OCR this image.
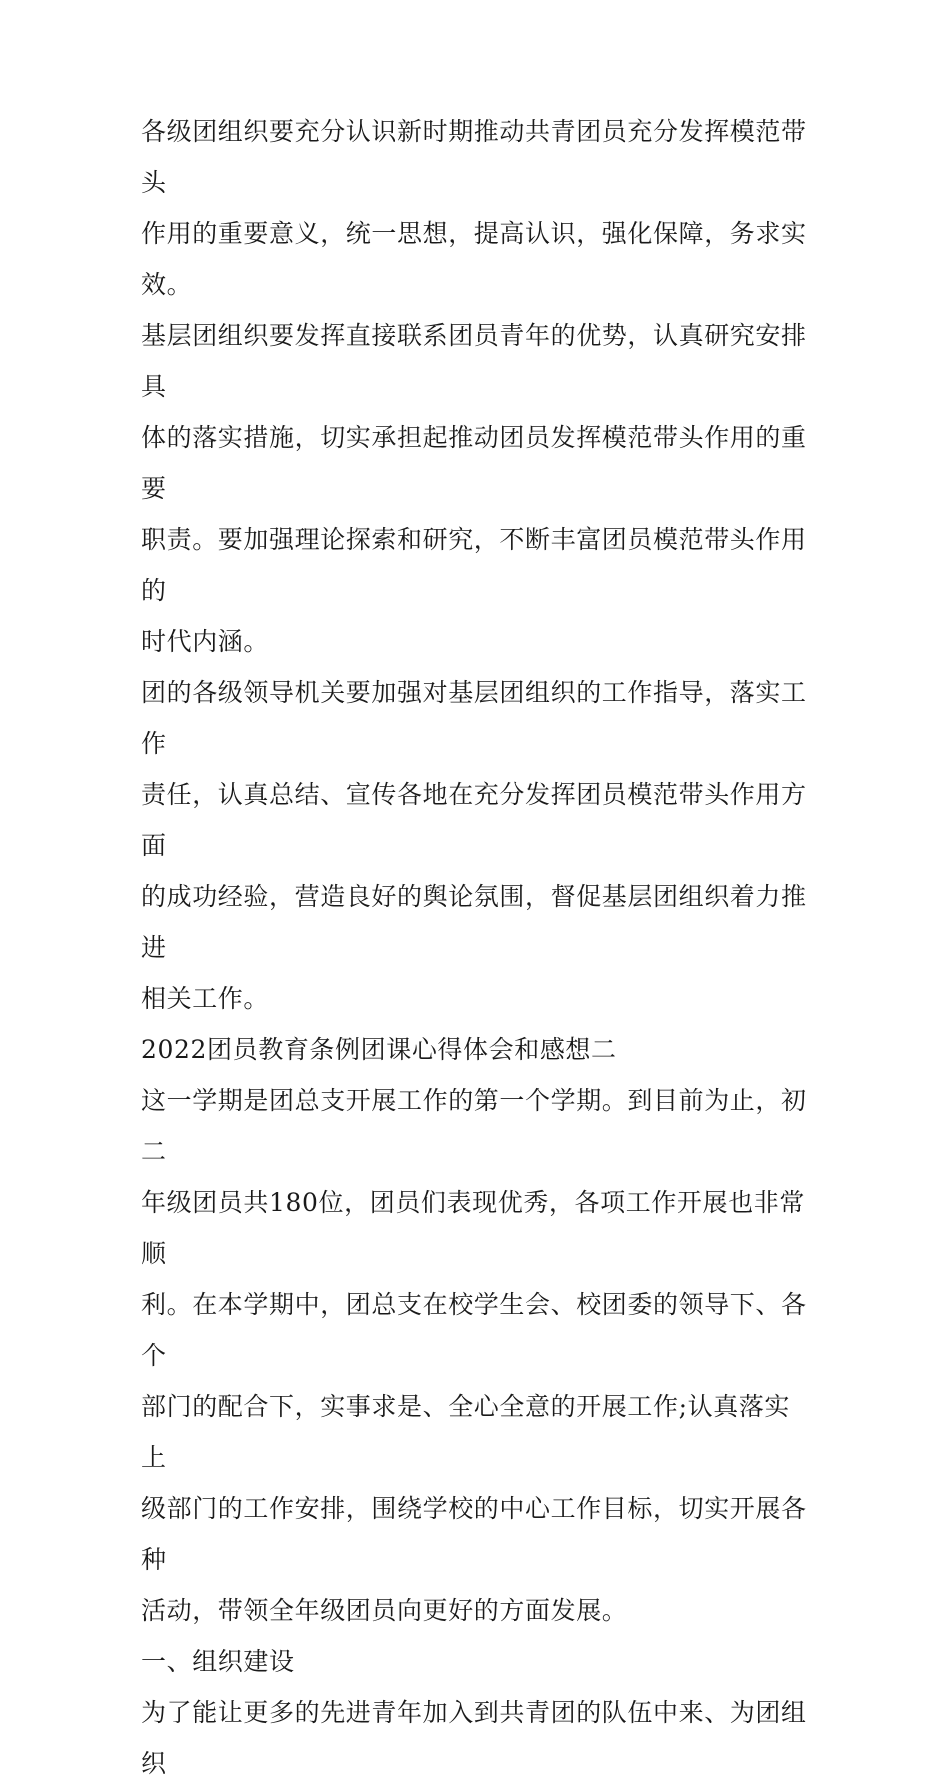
各级团组织要充分认识新时期推动共青团员充分发挥模范带头
作用的重要意义，统一思想，提高认识，强化保障，务求实
效。

基层团组织要发挥直接联系团员青年的优势，认真研究安排具
体的落实措施，切实承担起推动团员发挥模范带头作用的重要
职责。要加强理论探索和研究，不断丰富团员模范带头作用的
时代内涵。

团的各级领导机关要加强对基层团组织的工作指导，落实工作
责任，认真总结、宣传各地在充分发挥团员模范带头作用方面
的成功经验，营造良好的舆论氛围，督促基层团组织着力推进
相关工作。

2022团员教育条例团课心得体会和感想二

这一学期是团总支开展工作的第一个学期。到目前为止，初二
年级团员共180位，团员们表现优秀，各项工作开展也非常顺
利。在本学期中，团总支在校学生会、校团委的领导下、各个
部门的配合下，实事求是、全心全意的开展工作;认真落实上
级部门的工作安排，围绕学校的中心工作目标，切实开展各种
活动，带领全年级团员向更好的方面发展。

一、组织建设

为了能让更多的先进青年加入到共青团的队伍中来、为团组织
